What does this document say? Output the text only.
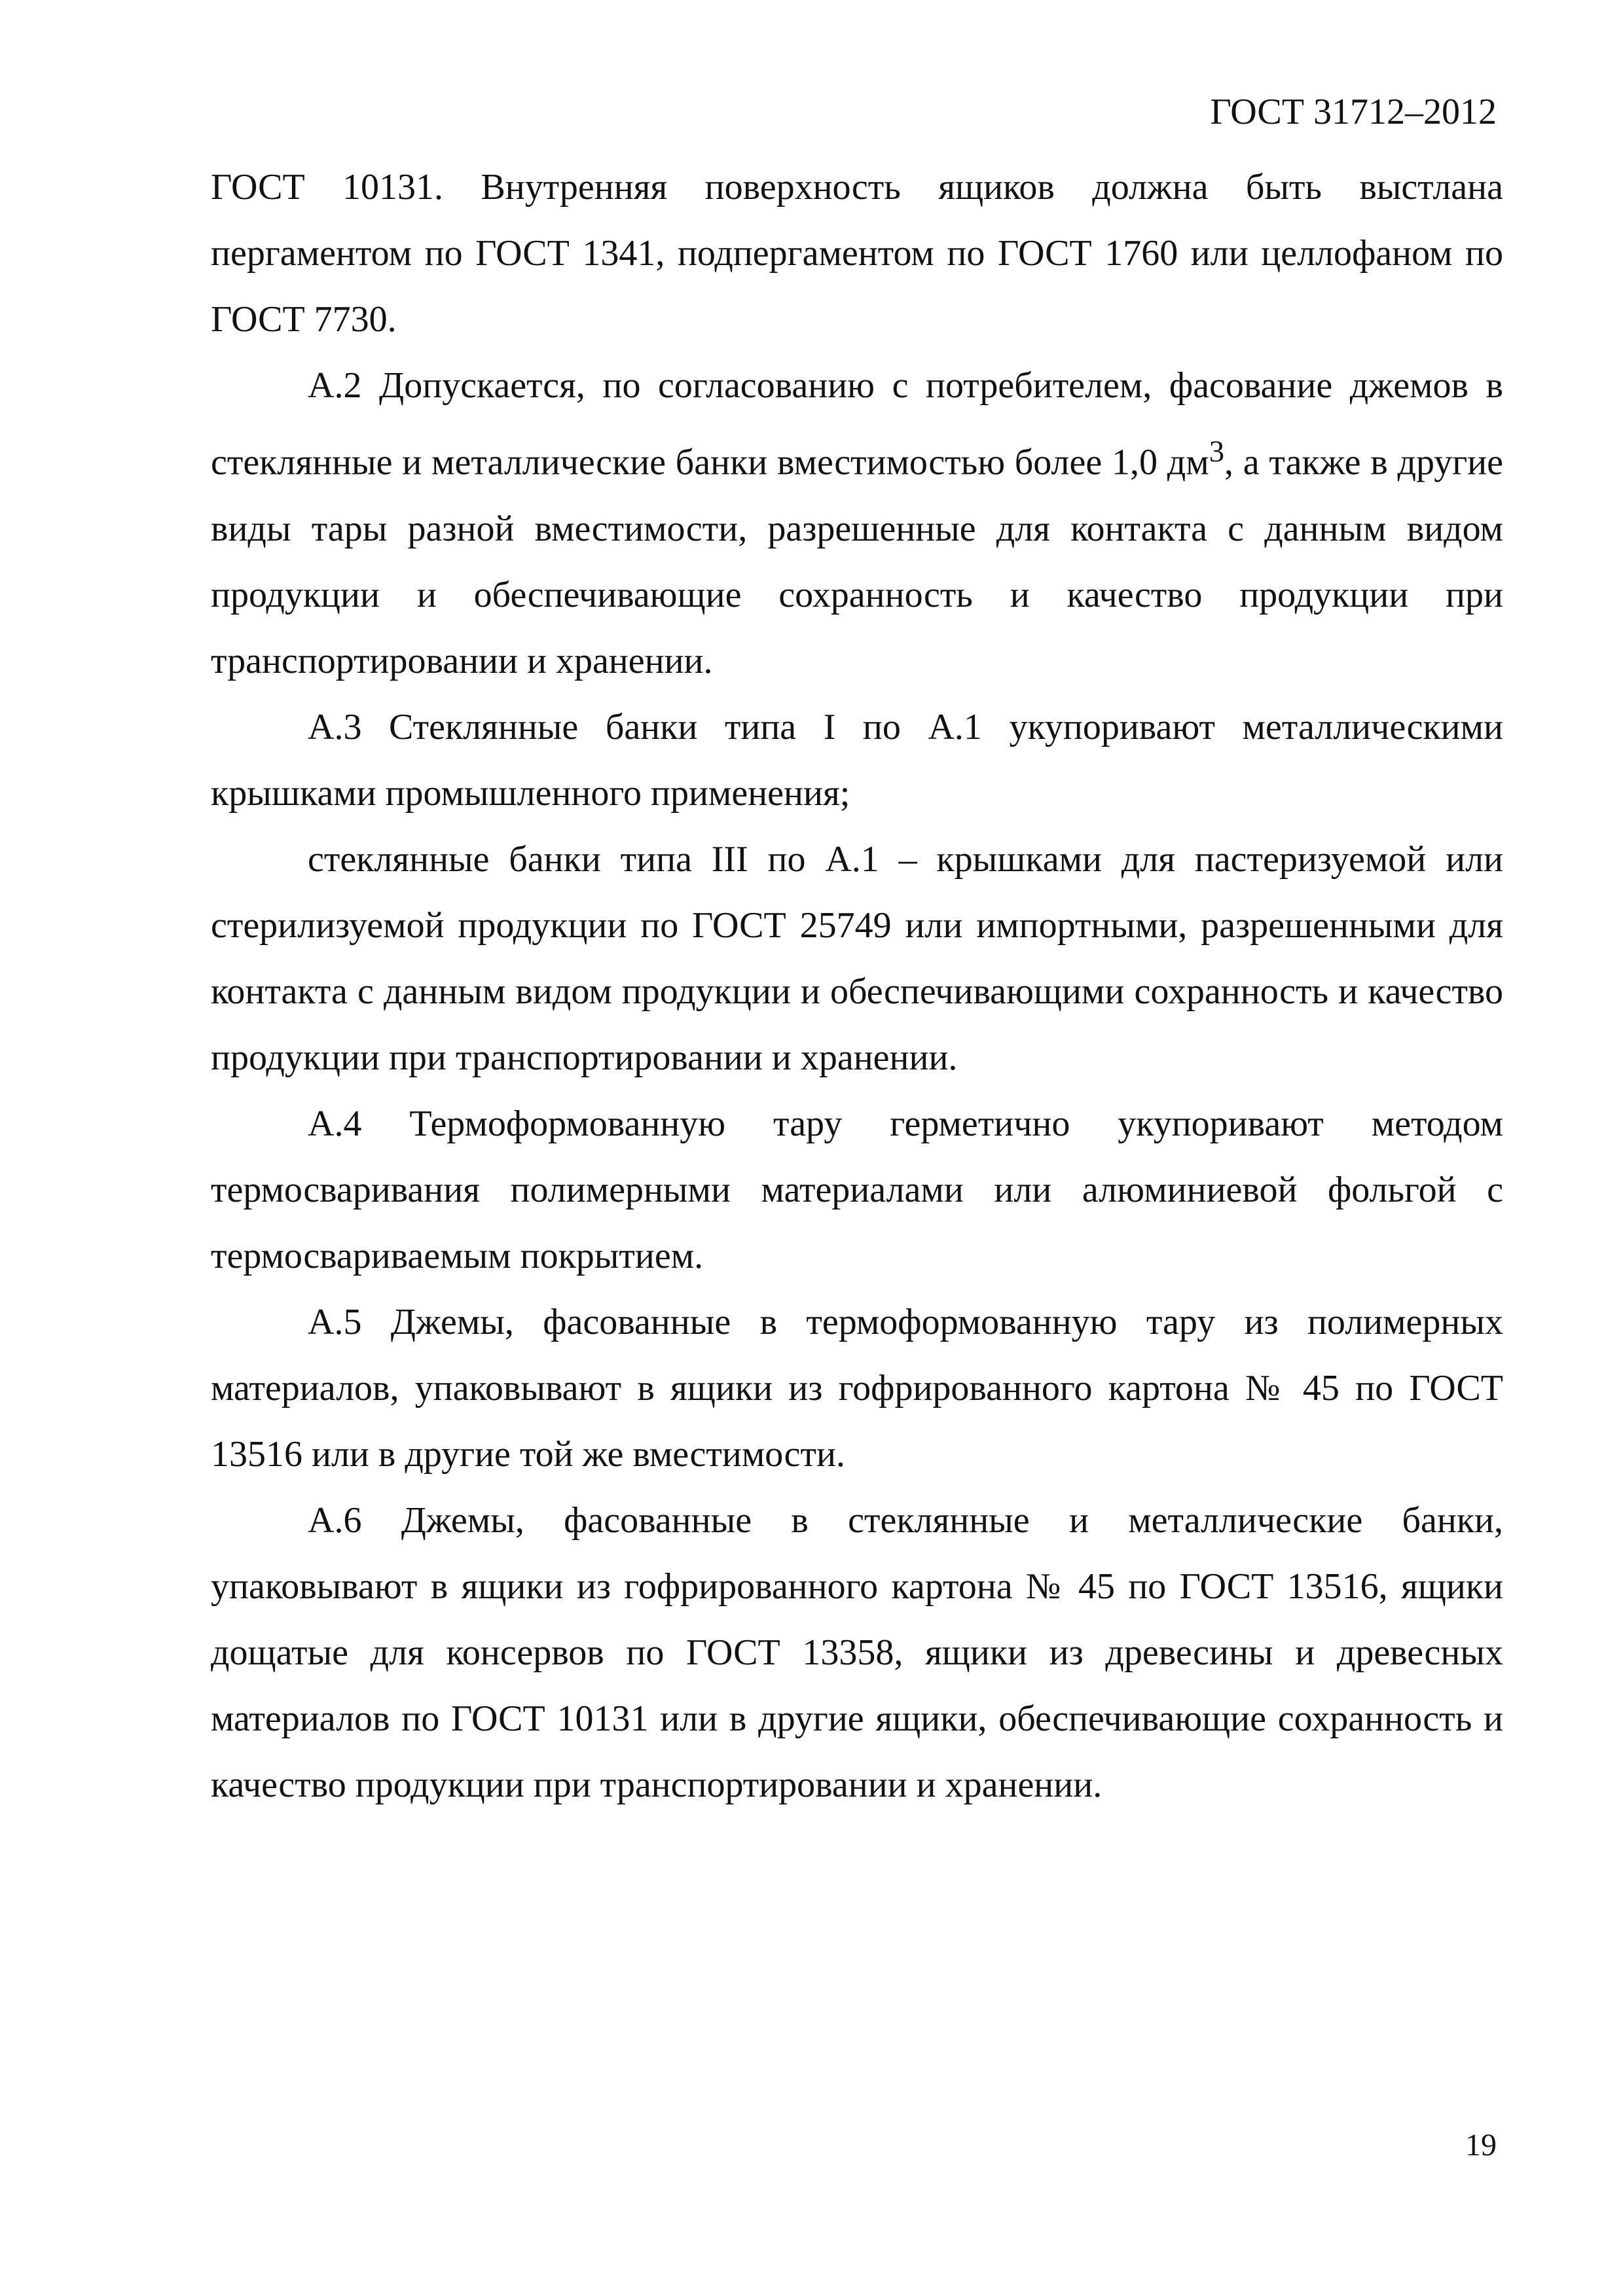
ГОСТ 31712–2012

ГОСТ 10131. Внутренняя поверхность ящиков должна быть выстлана пергаментом по ГОСТ 1341, подпергаментом по ГОСТ 1760 или целлофаном по ГОСТ 7730.

А.2 Допускается, по согласованию с потребителем, фасование джемов в стеклянные и металлические банки вместимостью более 1,0 $дм^3$, а также в другие виды тары разной вместимости, разрешенные для контакта с данным видом продукции и обеспечивающие сохранность и качество продукции при транспортировании и хранении.

А.3 Стеклянные банки типа I по А.1 укупоривают металлическими крышками промышленного применения;

стеклянные банки типа III по А.1 – крышками для пастеризуемой или стерилизуемой продукции по ГОСТ 25749 или импортными, разрешенными для контакта с данным видом продукции и обеспечивающими сохранность и качество продукции при транспортировании и хранении.

А.4 Термоформованную тару герметично укупоривают методом термосваривания полимерными материалами или алюминиевой фольгой с термосвариваемым покрытием.

А.5 Джемы, фасованные в термоформованную тару из полимерных материалов, упаковывают в ящики из гофрированного картона № 45 по ГОСТ 13516 или в другие той же вместимости.

А.6 Джемы, фасованные в стеклянные и металлические банки, упаковывают в ящики из гофрированного картона № 45 по ГОСТ 13516, ящики дощатые для консервов по ГОСТ 13358, ящики из древесины и древесных материалов по ГОСТ 10131 или в другие ящики, обеспечивающие сохранность и качество продукции при транспортировании и хранении.

19
